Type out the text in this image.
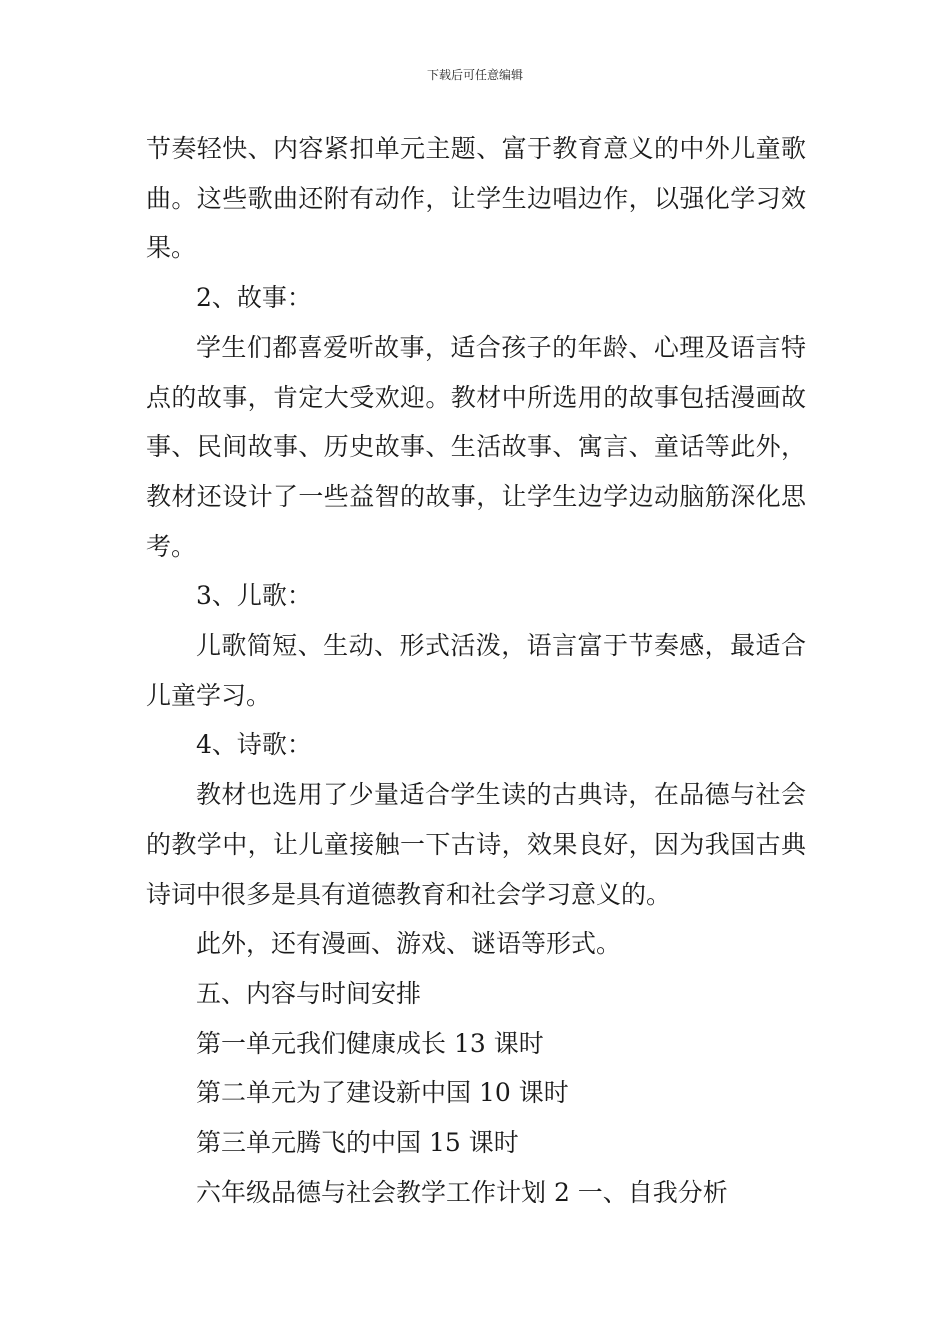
下载后可任意编辑

节奏轻快、内容紧扣单元主题、富于教育意义的中外儿童歌曲。这些歌曲还附有动作，让学生边唱边作，以强化学习效果。

2、故事：

学生们都喜爱听故事，适合孩子的年龄、心理及语言特点的故事，肯定大受欢迎。教材中所选用的故事包括漫画故事、民间故事、历史故事、生活故事、寓言、童话等此外，教材还设计了一些益智的故事，让学生边学边动脑筋深化思考。

3、儿歌：

儿歌简短、生动、形式活泼，语言富于节奏感，最适合儿童学习。

4、诗歌：

教材也选用了少量适合学生读的古典诗，在品德与社会的教学中，让儿童接触一下古诗，效果良好，因为我国古典诗词中很多是具有道德教育和社会学习意义的。

此外，还有漫画、游戏、谜语等形式。

五、内容与时间安排

第一单元我们健康成长 13 课时

第二单元为了建设新中国 10 课时

第三单元腾飞的中国 15 课时

六年级品德与社会教学工作计划 2 一、自我分析
